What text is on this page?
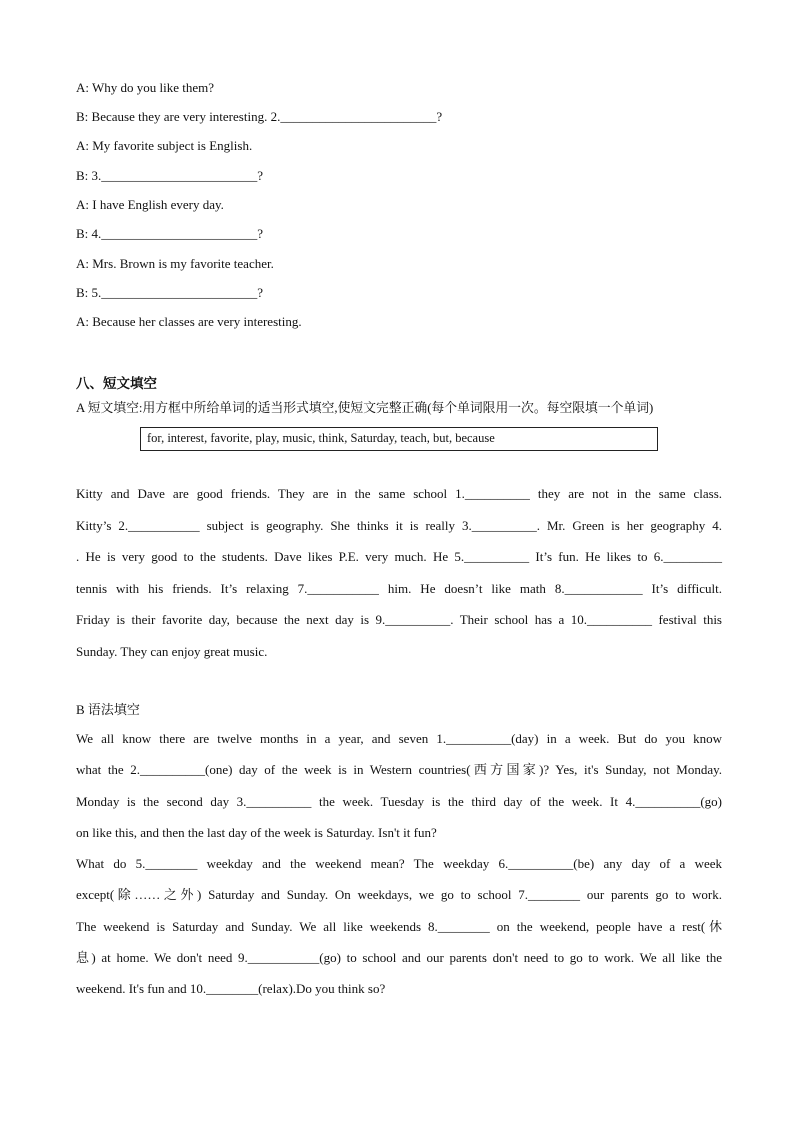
A: Why do you like them?
B: Because they are very interesting. 2.________________________?
A: My favorite subject is English.
B: 3.________________________?
A: I have English every day.
B: 4.________________________?
A: Mrs. Brown is my favorite teacher.
B: 5.________________________?
A: Because her classes are very interesting.
八、短文填空
A 短文填空:用方框中所给单词的适当形式填空,使短文完整正确(每个单词限用一次。每空限填一个单词)
for, interest, favorite, play, music, think, Saturday, teach, but, because
Kitty and Dave are good friends. They are in the same school 1.__________ they are not in the same class.
Kitty’s 2.___________ subject is geography. She thinks it is really 3.__________. Mr. Green is her geography 4.
. He is very good to the students. Dave likes P.E. very much. He 5.__________ It’s fun. He likes to 6._________
tennis with his friends. It’s relaxing 7.___________ him. He doesn’t like math 8.____________ It’s difficult.
Friday is their favorite day, because the next day is 9.__________. Their school has a 10.__________ festival this
Sunday. They can enjoy great music.
B 语法填空
We all know there are twelve months in a year, and seven 1.__________(day) in a week. But do you know
what the 2.__________(one) day of the week is in Western countries(西方国家)? Yes, it's Sunday, not Monday.
Monday is the second day 3.__________ the week. Tuesday is the third day of the week. It 4.__________(go)
on like this, and then the last day of the week is Saturday. Isn't it fun?
What do 5.________ weekday and the weekend mean? The weekday 6.__________(be) any day of a week
except(除……之外) Saturday and Sunday. On weekdays, we go to school 7.________ our parents go to work.
The weekend is Saturday and Sunday. We all like weekends 8.________ on the weekend, people have a rest(休
息) at home. We don't need 9.___________(go) to school and our parents don't need to go to work. We all like the
weekend. It's fun and 10.________(relax).Do you think so?
